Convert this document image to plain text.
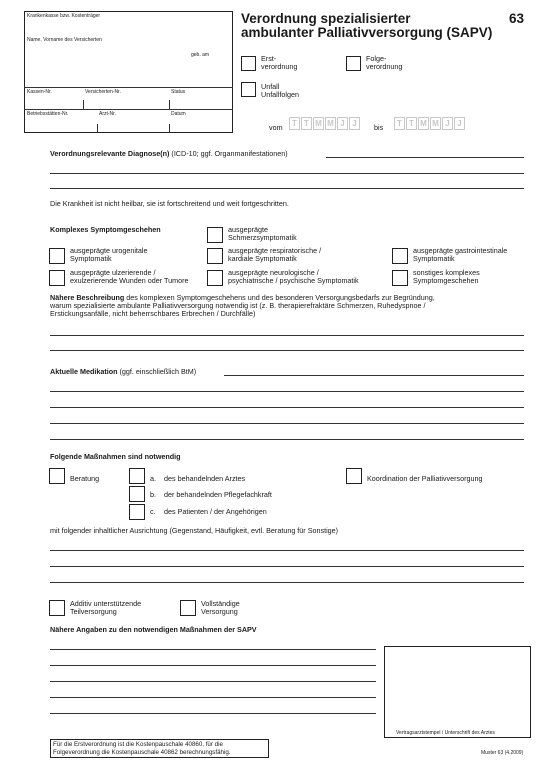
Krankenkasse bzw. Kostenträger
Name, Vorname des Versicherten
geb. am
Kassen-Nr.	Versicherten-Nr.	Status
Betriebsstätten-Nr.	Arzt-Nr.	Datum
Verordnung spezialisierter
ambulanter Palliativversorgung (SAPV)
63
Erst-
verordnung
Folge-
verordnung
Unfall
Unfallfolgen
vom	T T M M J J	bis	T T M M J J
Verordnungsrelevante Diagnose(n) (ICD-10; ggf. Organmanifestationen)
Die Krankheit ist nicht heilbar, sie ist fortschreitend und weit fortgeschritten.
Komplexes Symptomgeschehen	ausgeprägte
Schmerzsymptomatik
ausgeprägte urogenitale
Symptomatik
ausgeprägte respiratorische /
kardiale Symptomatik
ausgeprägte gastrointestinale
Symptomatik
ausgeprägte ulzerierende /
exulzerierende Wunden oder Tumore
ausgeprägte neurologische /
psychiatrische / psychische Symptomatik
sonstiges komplexes
Symptomgeschehen
Nähere Beschreibung des komplexen Symptomgeschehens und des besonderen Versorgungsbedarfs zur Begründung,
warum spezialisierte ambulante Palliativversorgung notwendig ist (z. B. therapierefraktäre Schmerzen, Ruhedyspnoe /
Erstickungsanfälle, nicht beherrschbares Erbrechen / Durchfälle)
Aktuelle Medikation (ggf. einschließlich BtM)
Folgende Maßnahmen sind notwendig
Beratung	a. des behandelnden Arztes
b. der behandelnden Pflegefachkraft
c. des Patienten / der Angehörigen
Koordination der Palliativversorgung
mit folgender inhaltlicher Ausrichtung (Gegenstand, Häufigkeit, evtl. Beratung für Sonstige)
Additiv unterstützende
Teilversorgung
Vollständige
Versorgung
Nähere Angaben zu den notwendigen Maßnahmen der SAPV
Vertragsarztstempel / Unterschrift des Arztes
Für die Erstverordnung ist die Kostenpauschale 40860, für die
Folgeverordnung die Kostenpauschale 40862 berechnungsfähig.	Muster 63 (4.2009)
